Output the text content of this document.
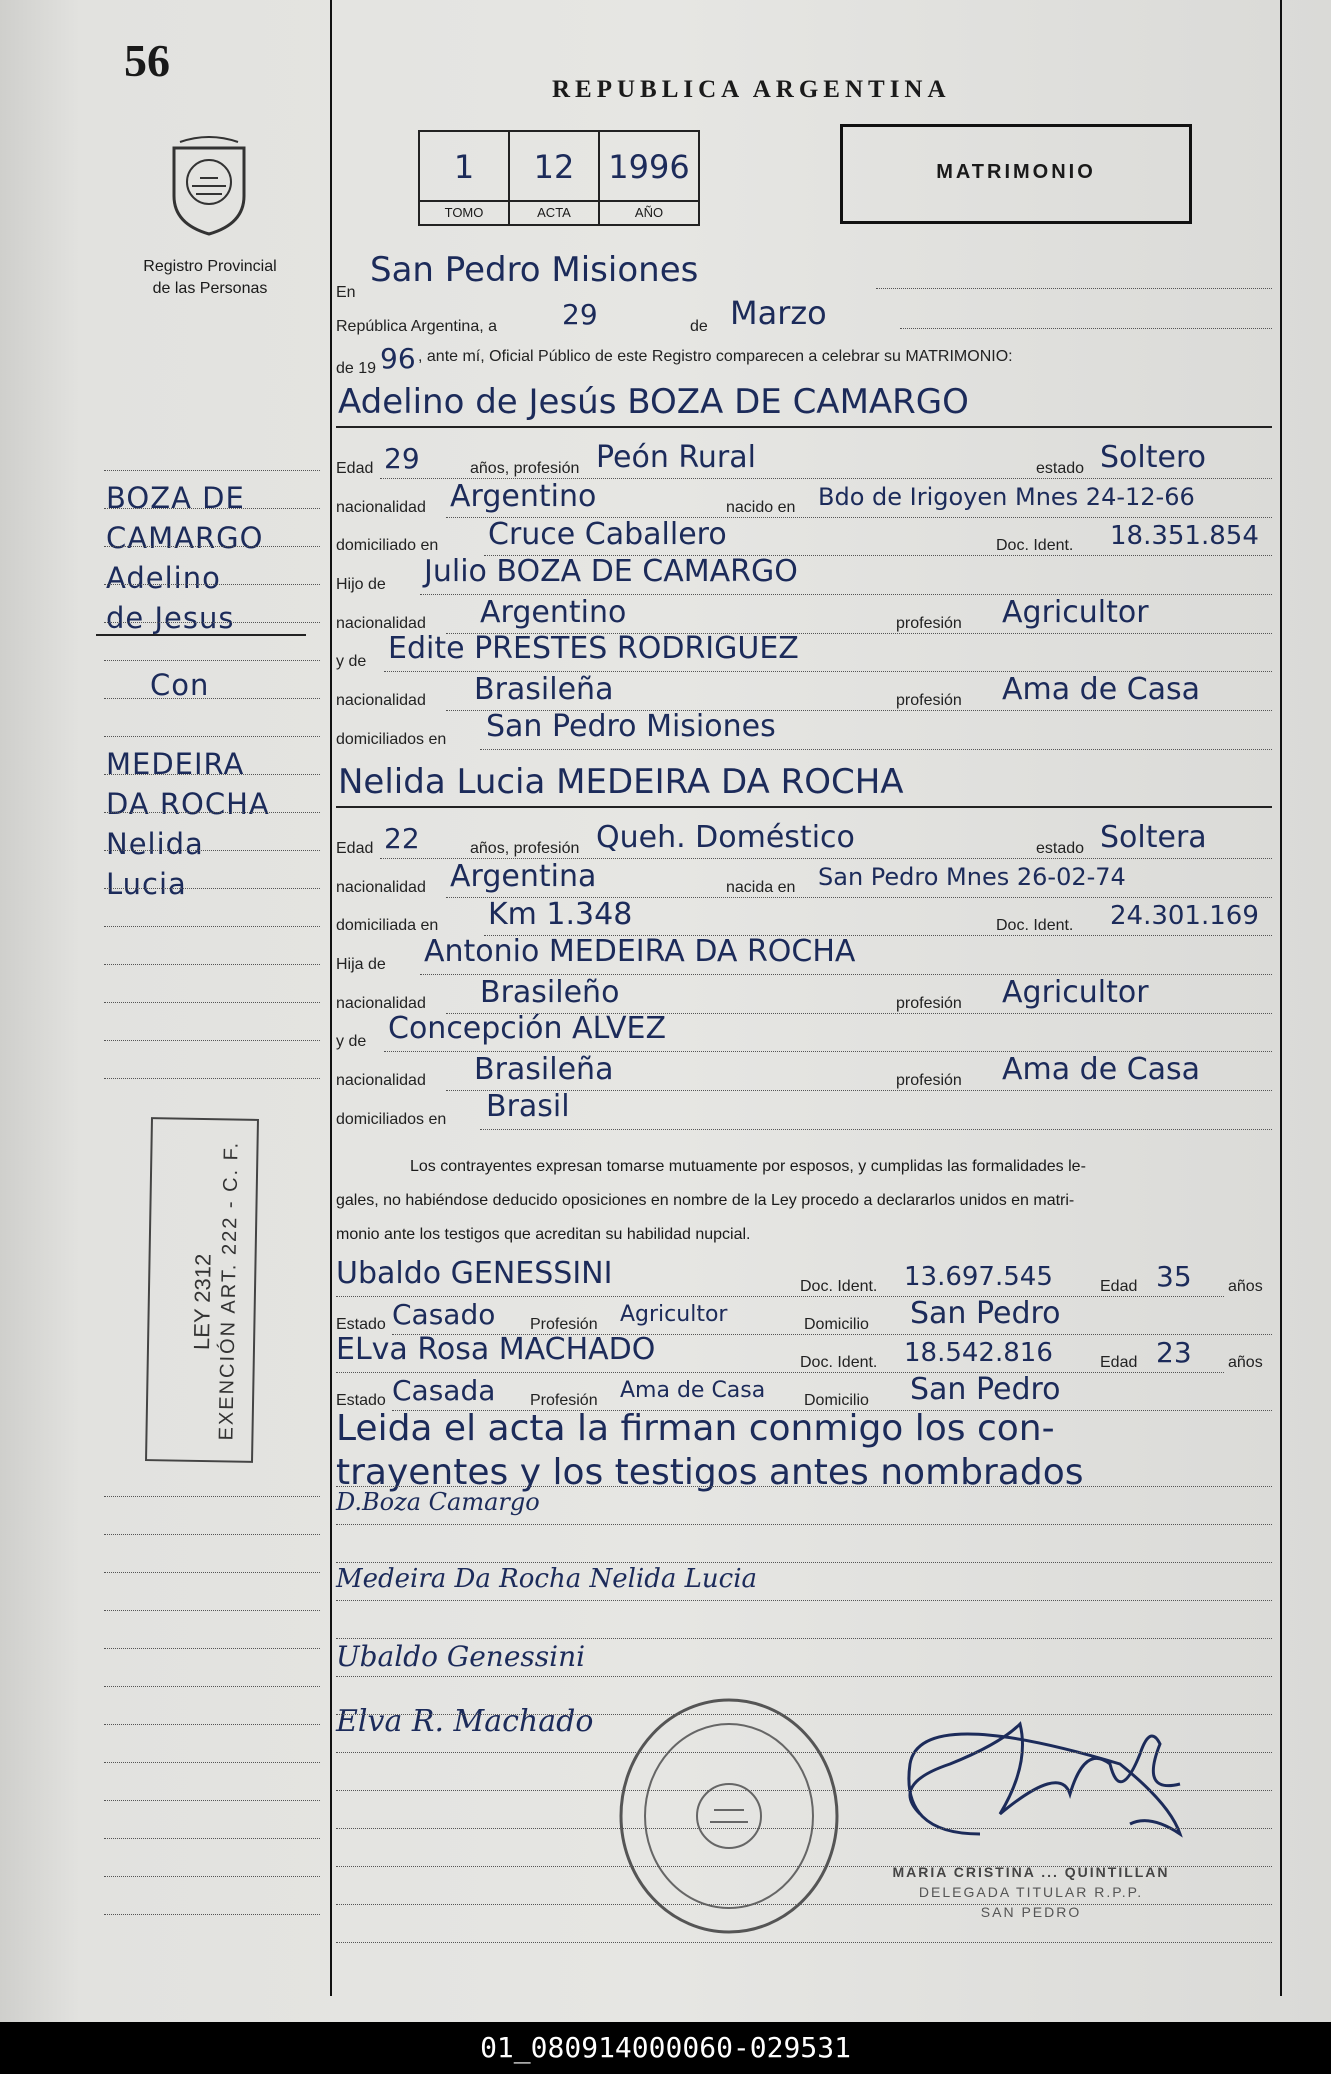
56
Registro Provincial
de las Personas
REPUBLICA ARGENTINA
1
TOMO
12
ACTA
1996
AÑO
MATRIMONIO
BOZA DE
CAMARGO
Adelino
de Jesus
Con
MEDEIRA
DA ROCHA
Nelida
Lucia
LEY 2312 EXENCIÓN ART. 222 - C. F.
En
San Pedro Misiones
República Argentina, a 29	de Marzo
de 19 96 , ante mí, Oficial Público de este Registro comparecen a celebrar su MATRIMONIO:
Adelino de Jesús BOZA DE CAMARGO
Edad 29	años, profesión Peón Rural	estado Soltero
nacionalidad Argentino	nacido en Bdo de Irigoyen Mnes 24-12-66
domiciliado en Cruce Caballero	Doc. Ident. 18.351.854
Hijo de Julio BOZA DE CAMARGO
nacionalidad Argentino	profesión Agricultor
y de Edite PRESTES RODRIGUEZ
nacionalidad Brasileña	profesión Ama de Casa
domiciliados en San Pedro Misiones
Nelida Lucia MEDEIRA DA ROCHA
Edad 22	años, profesión Queh. Doméstico	estado Soltera
nacionalidad Argentina	nacida en San Pedro Mnes 26-02-74
domiciliada en Km 1.348	Doc. Ident. 24.301.169
Hija de Antonio MEDEIRA DA ROCHA
nacionalidad Brasileño	profesión Agricultor
y de Concepción ALVEZ
nacionalidad Brasileña	profesión Ama de Casa
domiciliados en Brasil
Los contrayentes expresan tomarse mutuamente por esposos, y cumplidas las formalidades le-
gales, no habiéndose deducido oposiciones en nombre de la Ley procedo a declararlos unidos en matri-
monio ante los testigos que acreditan su habilidad nupcial.
Ubaldo GENESSINI	Doc. Ident. 13.697.545	Edad 35 años
Estado Casado Profesión Agricultor	Domicilio San Pedro
ELva Rosa MACHADO	Doc. Ident. 18.542.816	Edad 23 años
Estado Casada Profesión Ama de Casa Domicilio San Pedro
Leida el acta la firman conmigo los con-
trayentes y los testigos antes nombrados
D.Boza Camargo
Medeira Da Rocha Nelida Lucia
Ubaldo Genessini
Elva R. Machado
MARIA CRISTINA ... QUINTILLAN
DELEGADA TITULAR R.P.P.
SAN PEDRO
01_080914000060-029531
